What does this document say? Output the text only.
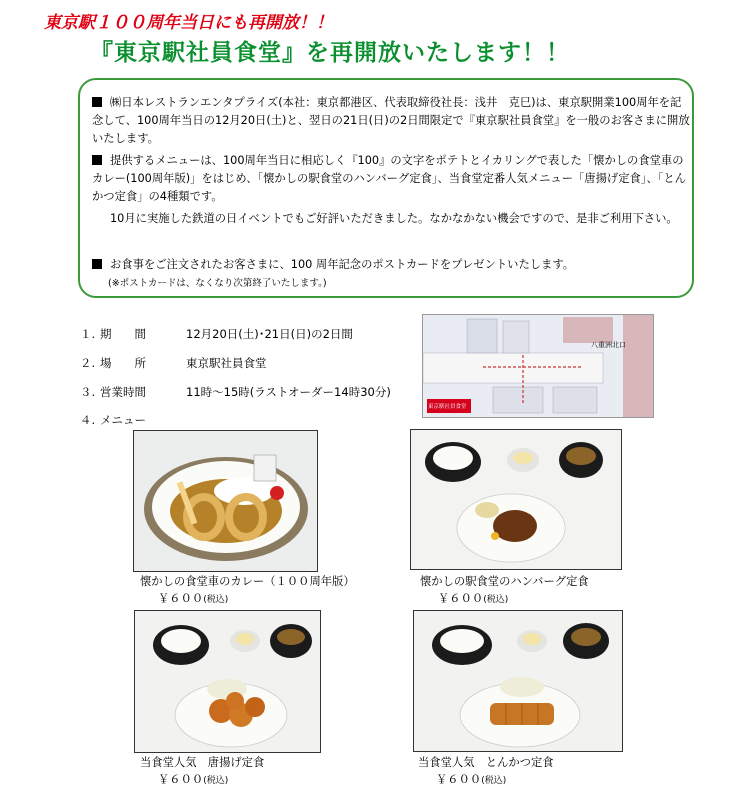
東京駅１００周年当日にも再開放！！
『東京駅社員食堂』を再開放いたします！！
㈱日本レストランエンタプライズ(本社：東京都港区、代表取締役社長：浅井　克巳)は、東京駅開業100周年を記念して、100周年当日の12月20日(土)と、翌日の21日(日)の2日間限定で『東京駅社員食堂』を一般のお客さまに開放いたします。
提供するメニューは、100周年当日に相応しく『100』の文字をポテトとイカリングで表した「懐かしの食堂車のカレー(100周年版)」をはじめ、「懐かしの駅食堂のハンバーグ定食」、当食堂定番人気メニュー「唐揚げ定食」、「とんかつ定食」の4種類です。
10月に実施した鉄道の日イベントでもご好評いただきました。なかなかない機会ですので、是非ご利用下さい。
お食事をご注文されたお客さまに、100 周年記念のポストカードをプレゼントいたします。
(※ポストカードは、なくなり次第終了いたします。)
１. 期　　間	12月20日(土)･21日(日)の2日間
２. 場　　所	東京駅社員食堂
３. 営業時間	11時～15時(ラストオーダー14時30分)
４. メニュー
八重洲北口
東京駅社員食堂
懐かしの食堂車のカレー（１００周年版）
￥６００(税込)
懐かしの駅食堂のハンバーグ定食
￥６００(税込)
当食堂人気　唐揚げ定食
￥６００(税込)
当食堂人気　とんかつ定食
￥６００(税込)
